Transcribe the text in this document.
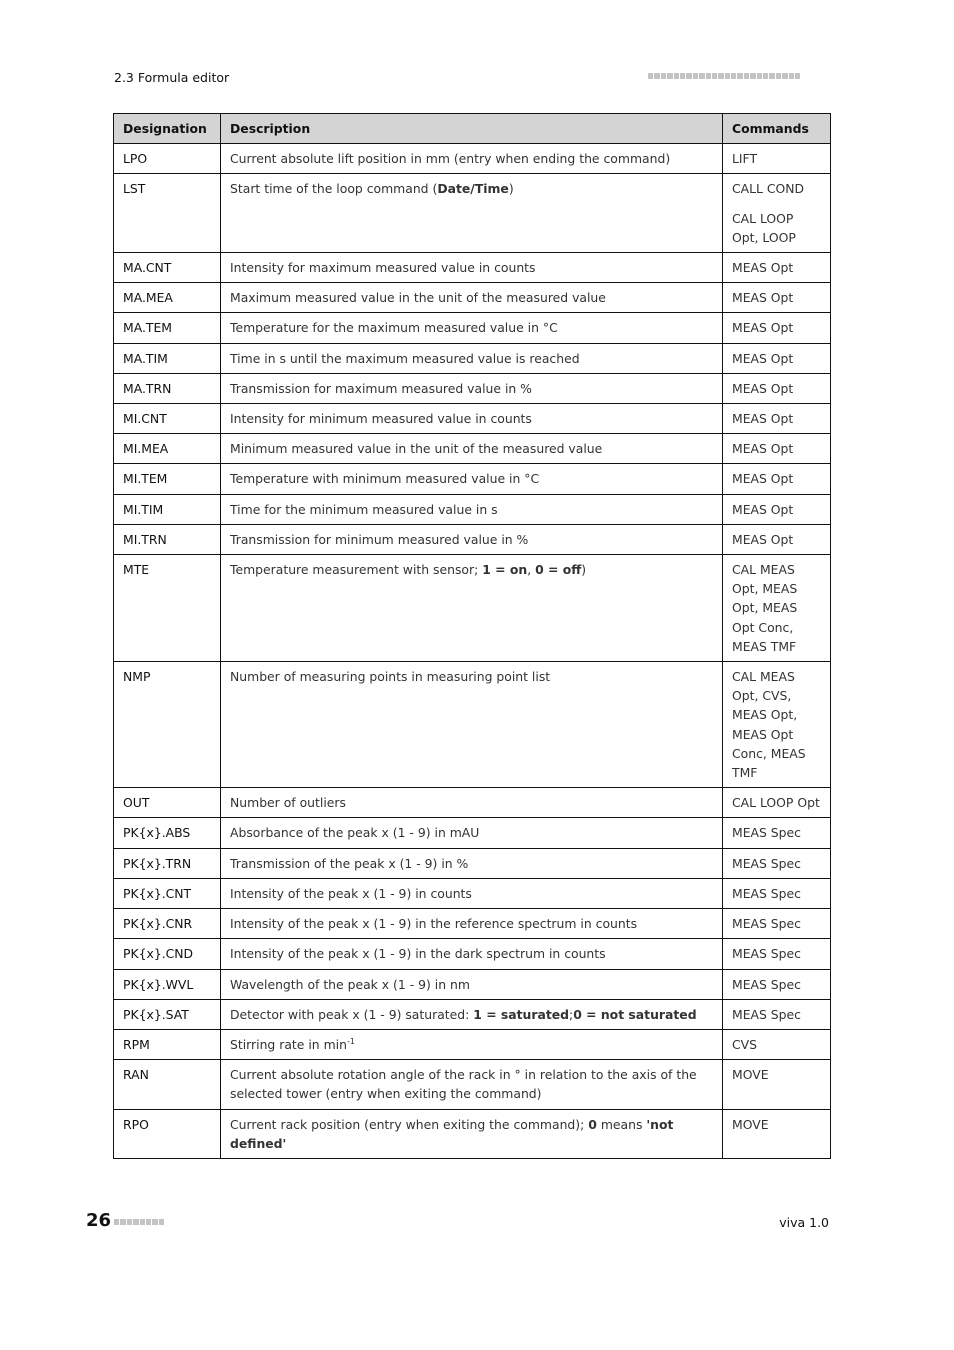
2.3 Formula editor
Designation	Description	Commands
LPO	Current absolute lift position in mm (entry when ending the command)	LIFT

LST	Start time of the loop command (Date/Time)	CALL COND
CAL LOOP Opt, LOOP

MA.CNT	Intensity for maximum measured value in counts	MEAS Opt

MA.MEA	Maximum measured value in the unit of the measured value	MEAS Opt

MA.TEM	Temperature for the maximum measured value in °C	MEAS Opt

MA.TIM	Time in s until the maximum measured value is reached	MEAS Opt

MA.TRN	Transmission for maximum measured value in %	MEAS Opt

MI.CNT	Intensity for minimum measured value in counts	MEAS Opt

MI.MEA	Minimum measured value in the unit of the measured value	MEAS Opt

MI.TEM	Temperature with minimum measured value in °C	MEAS Opt

MI.TIM	Time for the minimum measured value in s	MEAS Opt

MI.TRN	Transmission for minimum measured value in %	MEAS Opt

MTE	Temperature measurement with sensor; 1 = on, 0 = off)	CAL MEAS Opt, MEAS Opt, MEAS Opt Conc, MEAS TMF

NMP	Number of measuring points in measuring point list	CAL MEAS Opt, CVS, MEAS Opt, MEAS Opt Conc, MEAS TMF

OUT	Number of outliers	CAL LOOP Opt

PK{x}.ABS	Absorbance of the peak x (1 - 9) in mAU	MEAS Spec

PK{x}.TRN	Transmission of the peak x (1 - 9) in %	MEAS Spec

PK{x}.CNT	Intensity of the peak x (1 - 9) in counts	MEAS Spec

PK{x}.CNR	Intensity of the peak x (1 - 9) in the reference spectrum in counts	MEAS Spec

PK{x}.CND	Intensity of the peak x (1 - 9) in the dark spectrum in counts	MEAS Spec

PK{x}.WVL	Wavelength of the peak x (1 - 9) in nm	MEAS Spec

PK{x}.SAT	Detector with peak x (1 - 9) saturated: 1 = saturated;0 = not saturated	MEAS Spec

RPM	Stirring rate in $\min^{-1}$	CVS

RAN	Current absolute rotation angle of the rack in ° in relation to the axis of the selected tower (entry when exiting the command)	MOVE

RPO	Current rack position (entry when exiting the command); 0 means 'not defined'	MOVE
26	viva 1.0
